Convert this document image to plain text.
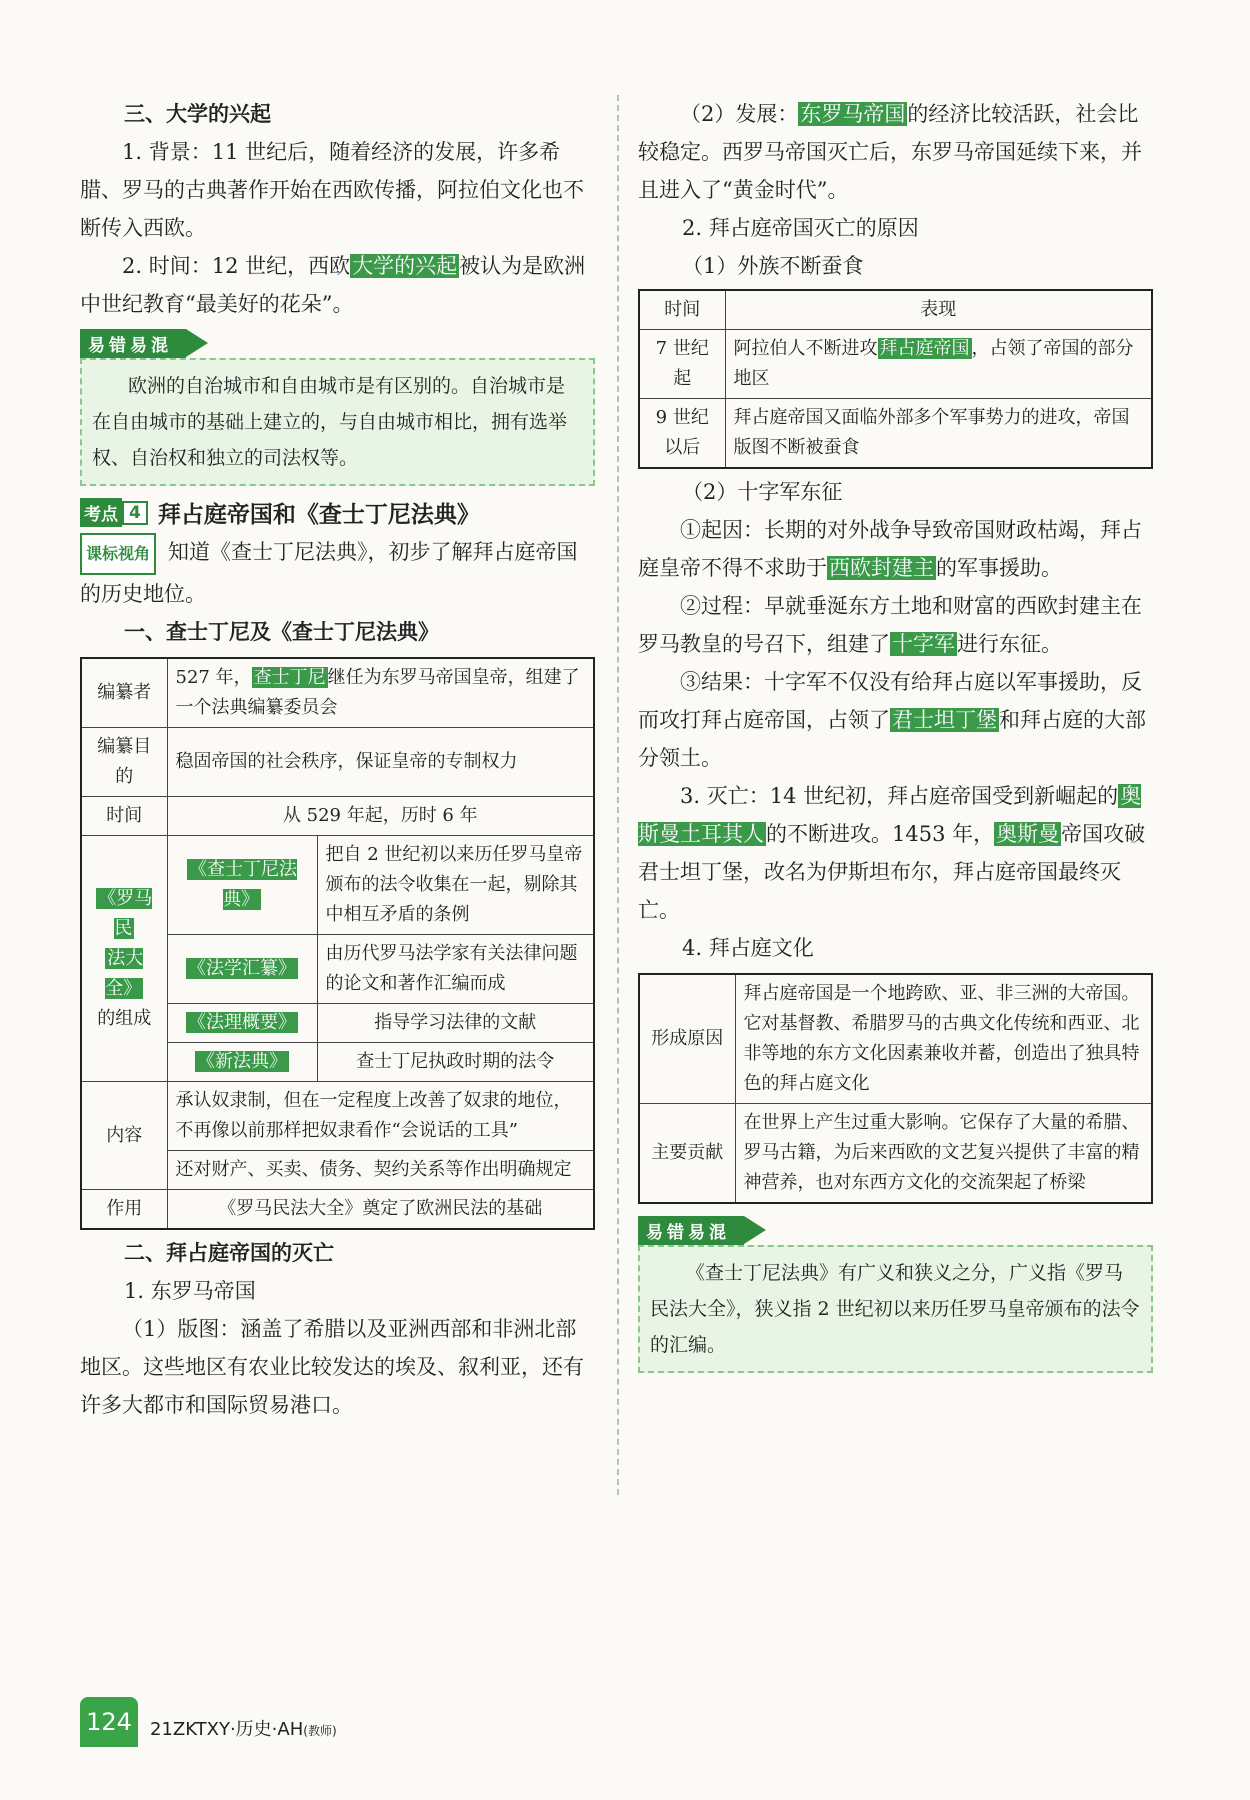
三、大学的兴起

1. 背景：11 世纪后，随着经济的发展，许多希腊、罗马的古典著作开始在西欧传播，阿拉伯文化也不断传入西欧。

2. 时间：12 世纪，西欧大学的兴起被认为是欧洲中世纪教育“最美好的花朵”。

易错易混
欧洲的自治城市和自由城市是有区别的。自治城市是在自由城市的基础上建立的，与自由城市相比，拥有选举权、自治权和独立的司法权等。
考点 4 拜占庭帝国和《查士丁尼法典》

课标视角 知道《查士丁尼法典》，初步了解拜占庭帝国的历史地位。

一、查士丁尼及《查士丁尼法典》
编纂者	527 年， 查士丁尼 继任为东罗马帝国皇帝，组建了一个法典编纂委员会	
编纂目的	稳固帝国的社会秩序，保证皇帝的专制权力	
时间	从 529 年起，历时 6 年	
《罗马民
法大全》
的组成	《查士丁尼法典》	把自 2 世纪初以来历任罗马皇帝颁布的法令收集在一起，剔除其中相互矛盾的条例
	《法学汇纂》	由历代罗马法学家有关法律问题的论文和著作汇编而成
	《法理概要》	指导学习法律的文献
	《新法典》	查士丁尼执政时期的法令
内容	承认奴隶制，但在一定程度上改善了奴隶的地位，不再像以前那样把奴隶看作“会说话的工具”	
	还对财产、买卖、债务、契约关系等作出明确规定	
作用	《罗马民法大全》奠定了欧洲民法的基础	
二、拜占庭帝国的灭亡

1. 东罗马帝国

（1）版图：涵盖了希腊以及亚洲西部和非洲北部地区。这些地区有农业比较发达的埃及、叙利亚，还有许多大都市和国际贸易港口。

（2）发展：东罗马帝国的经济比较活跃，社会比较稳定。西罗马帝国灭亡后，东罗马帝国延续下来，并且进入了“黄金时代”。

2. 拜占庭帝国灭亡的原因

（1）外族不断蚕食

时间	表现
7 世纪起	阿拉伯人不断进攻 拜占庭帝国 ，占领了帝国的部分地区
9 世纪以后	拜占庭帝国又面临外部多个军事势力的进攻，帝国版图不断被蚕食

（2）十字军东征

①起因：长期的对外战争导致帝国财政枯竭，拜占庭皇帝不得不求助于西欧封建主的军事援助。

②过程：早就垂涎东方土地和财富的西欧封建主在罗马教皇的号召下，组建了十字军进行东征。

③结果：十字军不仅没有给拜占庭以军事援助，反而攻打拜占庭帝国，占领了君士坦丁堡和拜占庭的大部分领土。

3. 灭亡：14 世纪初，拜占庭帝国受到新崛起的奥斯曼土耳其人的不断进攻。1453 年，奥斯曼帝国攻破君士坦丁堡，改名为伊斯坦布尔，拜占庭帝国最终灭亡。

4. 拜占庭文化

形成原因	拜占庭帝国是一个地跨欧、亚、非三洲的大帝国。它对基督教、希腊罗马的古典文化传统和西亚、北非等地的东方文化因素兼收并蓄，创造出了独具特色的拜占庭文化
主要贡献	在世界上产生过重大影响。它保存了大量的希腊、罗马古籍，为后来西欧的文艺复兴提供了丰富的精神营养，也对东西方文化的交流架起了桥梁
易错易混
《查士丁尼法典》有广义和狭义之分，广义指《罗马民法大全》，狭义指 2 世纪初以来历任罗马皇帝颁布的法令的汇编。
124	21ZKTXY·历史·AH(教师)
